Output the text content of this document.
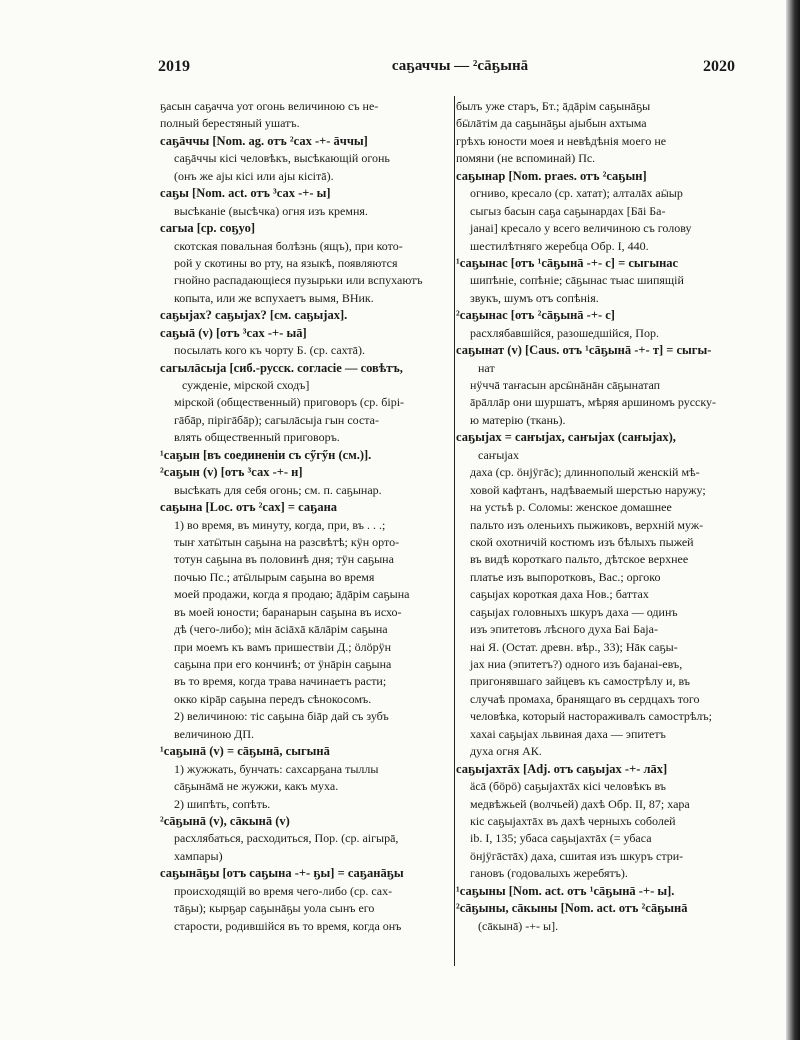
2019	саҕаччы — ²сāҕынā	2020
ҕасын саҕачча уот огонь величиною съ не-
полный берестяный ушатъ.
саҕāччы [Nom. ag. отъ ²сах -+- āччы]
саҕāччы кісі человѣкъ, высѣкающій огонь
(онъ же аjы кісі или аjы кісітā).
саҕы [Nom. act. отъ ³сах -+- ы]
высѣканіе (высѣчка) огня изъ кремня.
сагыа [ср. соҕуо]
скотская повальная болѣзнь (ящъ), при кото-
рой у скотины во рту, на языкѣ, появляются
гнойно распадающіеся пузырьки или вспухаютъ
копыта, или же вспухаетъ вымя, ВНик.
саҕыjах? саҕыjах? [см. саҕыjах].
саҕыā (v) [отъ ³сах -+- ыā]
посылать кого къ чорту Б. (ср. сахтā).
сагылāсыjа [сиб.-русск. согласіе — совѣтъ,
сужденіе, мірской сходъ]
мірской (общественный) приговоръ (ср. бірі-
гāбāр, пірігāбāр); сагылāсыjа гын соста-
влять общественный приговоръ.
¹саҕын [въ соединеніи съ сӳгӳн (см.)].
²саҕын (v) [отъ ³сах -+- н]
высѣкать для себя огонь; см. п. саҕынар.
саҕына [Loc. отъ ²сах] = саҕана
1) во время, въ минуту, когда, при, въ . . .;
тыҥ хатӹтын саҕына на разсвѣтѣ; кӱн орто-
тотун саҕына въ половинѣ дня; тӱн саҕына
почью Пс.; атӹлырым саҕына во время
моей продажи, когда я продаю; āдāрім саҕына
въ моей юности; баранарын саҕына въ исхо-
дѣ (чего-либо); мін āсіāхā кāлāрім саҕына
при моемъ къ вамъ пришествіи Д.; öлöрӱн
саҕына при его кончинѣ; от ӱнāрін саҕына
въ то время, когда трава начинаетъ расти;
окко кірāр саҕына передъ сѣнокосомъ.
2) величиною: тіс саҕына біāр дай съ зубъ
величиною ДП.
¹саҕынā (v) = сāҕынā, сыгынā
1) жужжать, бунчать: сахсарҕана тыллы
сāҕынāмā не жужжи, какъ муха.
2) шипѣть, сопѣть.
²сāҕынā (v), сāкынā (v)
расхлябаться, расходиться, Пор. (ср. аігырā,
хампары)
саҕынāҕы [отъ саҕына -+- ҕы] = саҕанāҕы
происходящій во время чего-либо (ср. сах-
тāҕы); кырҕар саҕынāҕы уола сынъ его
старости, родившійся въ то время, когда онъ
былъ уже старъ, Бт.; āдāрім саҕынāҕы
бӹлāтім да саҕынāҕы аjыбын ахтыма
грѣхъ юности моея и невѣдѣнія моего не
помяни (не вспоминай) Пс.
саҕынар [Nom. praes. отъ ²саҕын]
огниво, кресало (ср. хатат); алталāх аӹыр
сыгыз басын саҕа саҕынардах [Бāі Ба-
jанаі] кресало у всего величиною съ голову
шестилѣтняго жеребца Обр. I, 440.
¹саҕынас [отъ ¹сāҕынā -+- с] = сыгынас
шипѣніе, сопѣніе; сāҕынас тыас шипящій
звукъ, шумъ отъ сопѣнія.
²саҕынас [отъ ²сāҕынā -+- с]
расхлябавшійся, разошедшійся, Пор.
саҕынат (v) [Caus. отъ ¹сāҕынā -+- т] = сыгы-
нат
нӱччā таҥасын арсӹнāнāн сāҕынатап
āрāллāр они шуршатъ, мѣряя аршиномъ русску-
ю матерію (ткань).
саҕыjах = саҥыjах, саҥыjах (саҥыjах),
саҥыjах
даха (ср. öнjӱгāс); длиннополый женскій мѣ-
ховой кафтанъ, надѣваемый шерстью наружу;
на устьѣ р. Соломы: женское домашнее
пальто изъ оленьихъ пыжиковъ, верхній муж-
ской охотничій костюмъ изъ бѣлыхъ пыжей
въ видѣ короткаго пальто, дѣтское верхнее
платье изъ выпоротковъ, Вас.; оргоко
саҕыjах короткая даха Нов.; баттах
саҕыjах головныхъ шкуръ даха — одинъ
изъ эпитетовъ лѣсного духа Баі Баjа-
наі Я. (Остат. древн. вѣр., 33); Нāк саҕы-
jах ниа (эпитетъ?) одного изъ баjанаі-евъ,
пригонявшаго зайцевъ къ самострѣлу и, въ
случаѣ промаха, бранящаго въ сердцахъ того
человѣка, который настораживалъ самострѣлъ;
хахаі саҕыjах львиная даха — эпитетъ
духа огня АК.
саҕыjахтāх [Adj. отъ саҕыjах -+- лāх]
äсā (бöрö) саҕыjахтāх кісі человѣкъ въ
медвѣжьей (волчьей) дахѣ Обр. II, 87; хара
кіс саҕыjахтāх въ дахѣ черныхъ соболей
ib. I, 135; убаса саҕыjахтāх (= убаса
öнjӱгāстāх) даха, сшитая изъ шкуръ стри-
гановъ (годовалыхъ жеребятъ).
¹саҕыны [Nom. act. отъ ¹сāҕынā -+- ы].
²сāҕыны, сāкыны [Nom. act. отъ ²сāҕынā
(сāкынā) -+- ы].
